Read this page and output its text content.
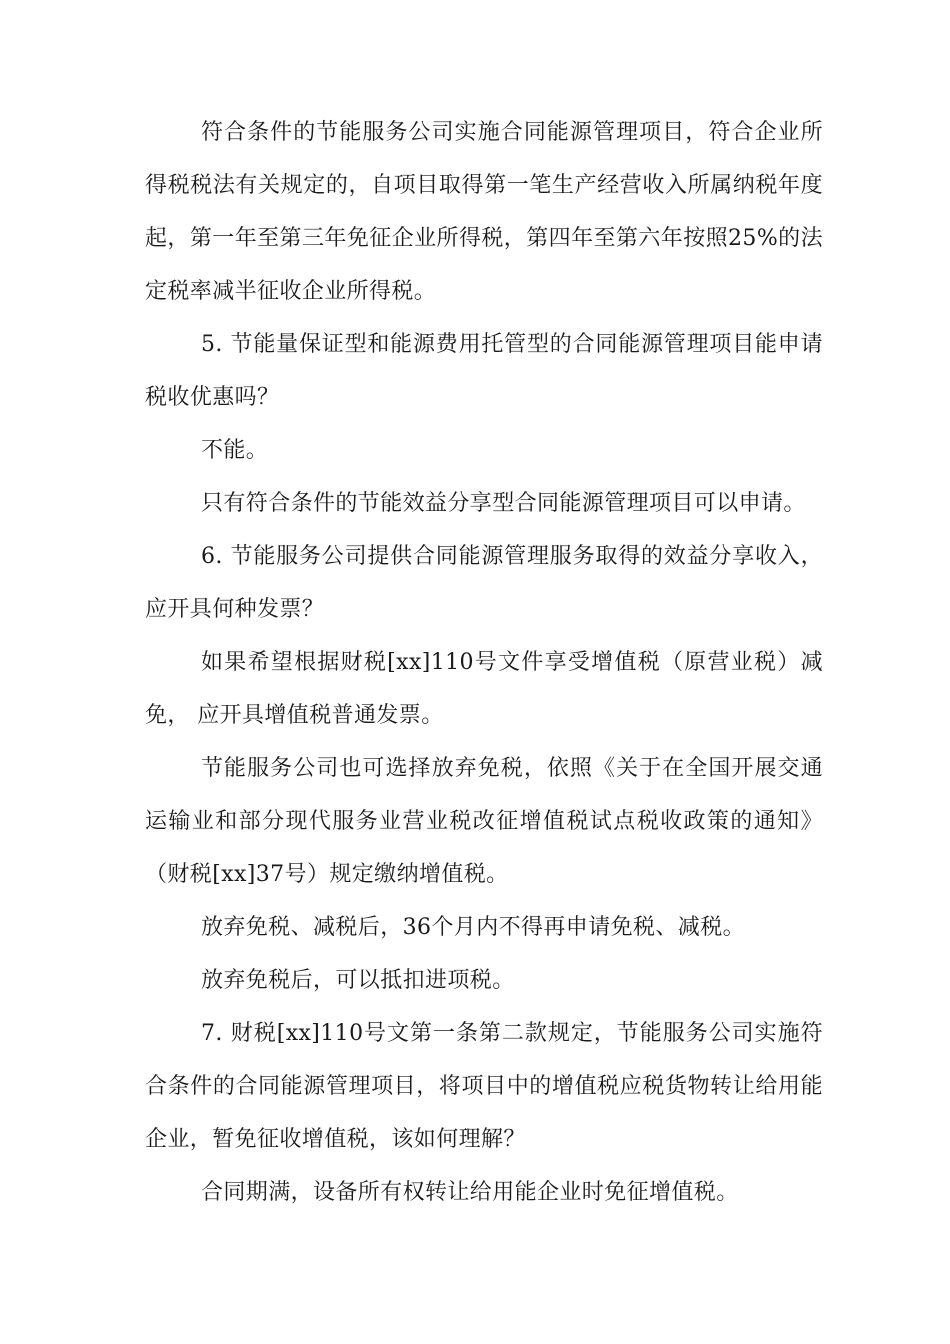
符合条件的节能服务公司实施合同能源管理项目，符合企业所得税税法有关规定的，自项目取得第一笔生产经营收入所属纳税年度起，第一年至第三年免征企业所得税，第四年至第六年按照25%的法定税率减半征收企业所得税。

5. 节能量保证型和能源费用托管型的合同能源管理项目能申请税收优惠吗？

不能。

只有符合条件的节能效益分享型合同能源管理项目可以申请。

6. 节能服务公司提供合同能源管理服务取得的效益分享收入，应开具何种发票？

如果希望根据财税[xx]110号文件享受增值税（原营业税）减免， 应开具增值税普通发票。

节能服务公司也可选择放弃免税，依照《关于在全国开展交通运输业和部分现代服务业营业税改征增值税试点税收政策的通知》（财税[xx]37号）规定缴纳增值税。

放弃免税、减税后，36个月内不得再申请免税、减税。

放弃免税后，可以抵扣进项税。

7. 财税[xx]110号文第一条第二款规定，节能服务公司实施符合条件的合同能源管理项目，将项目中的增值税应税货物转让给用能企业，暂免征收增值税，该如何理解？

合同期满，设备所有权转让给用能企业时免征增值税。
